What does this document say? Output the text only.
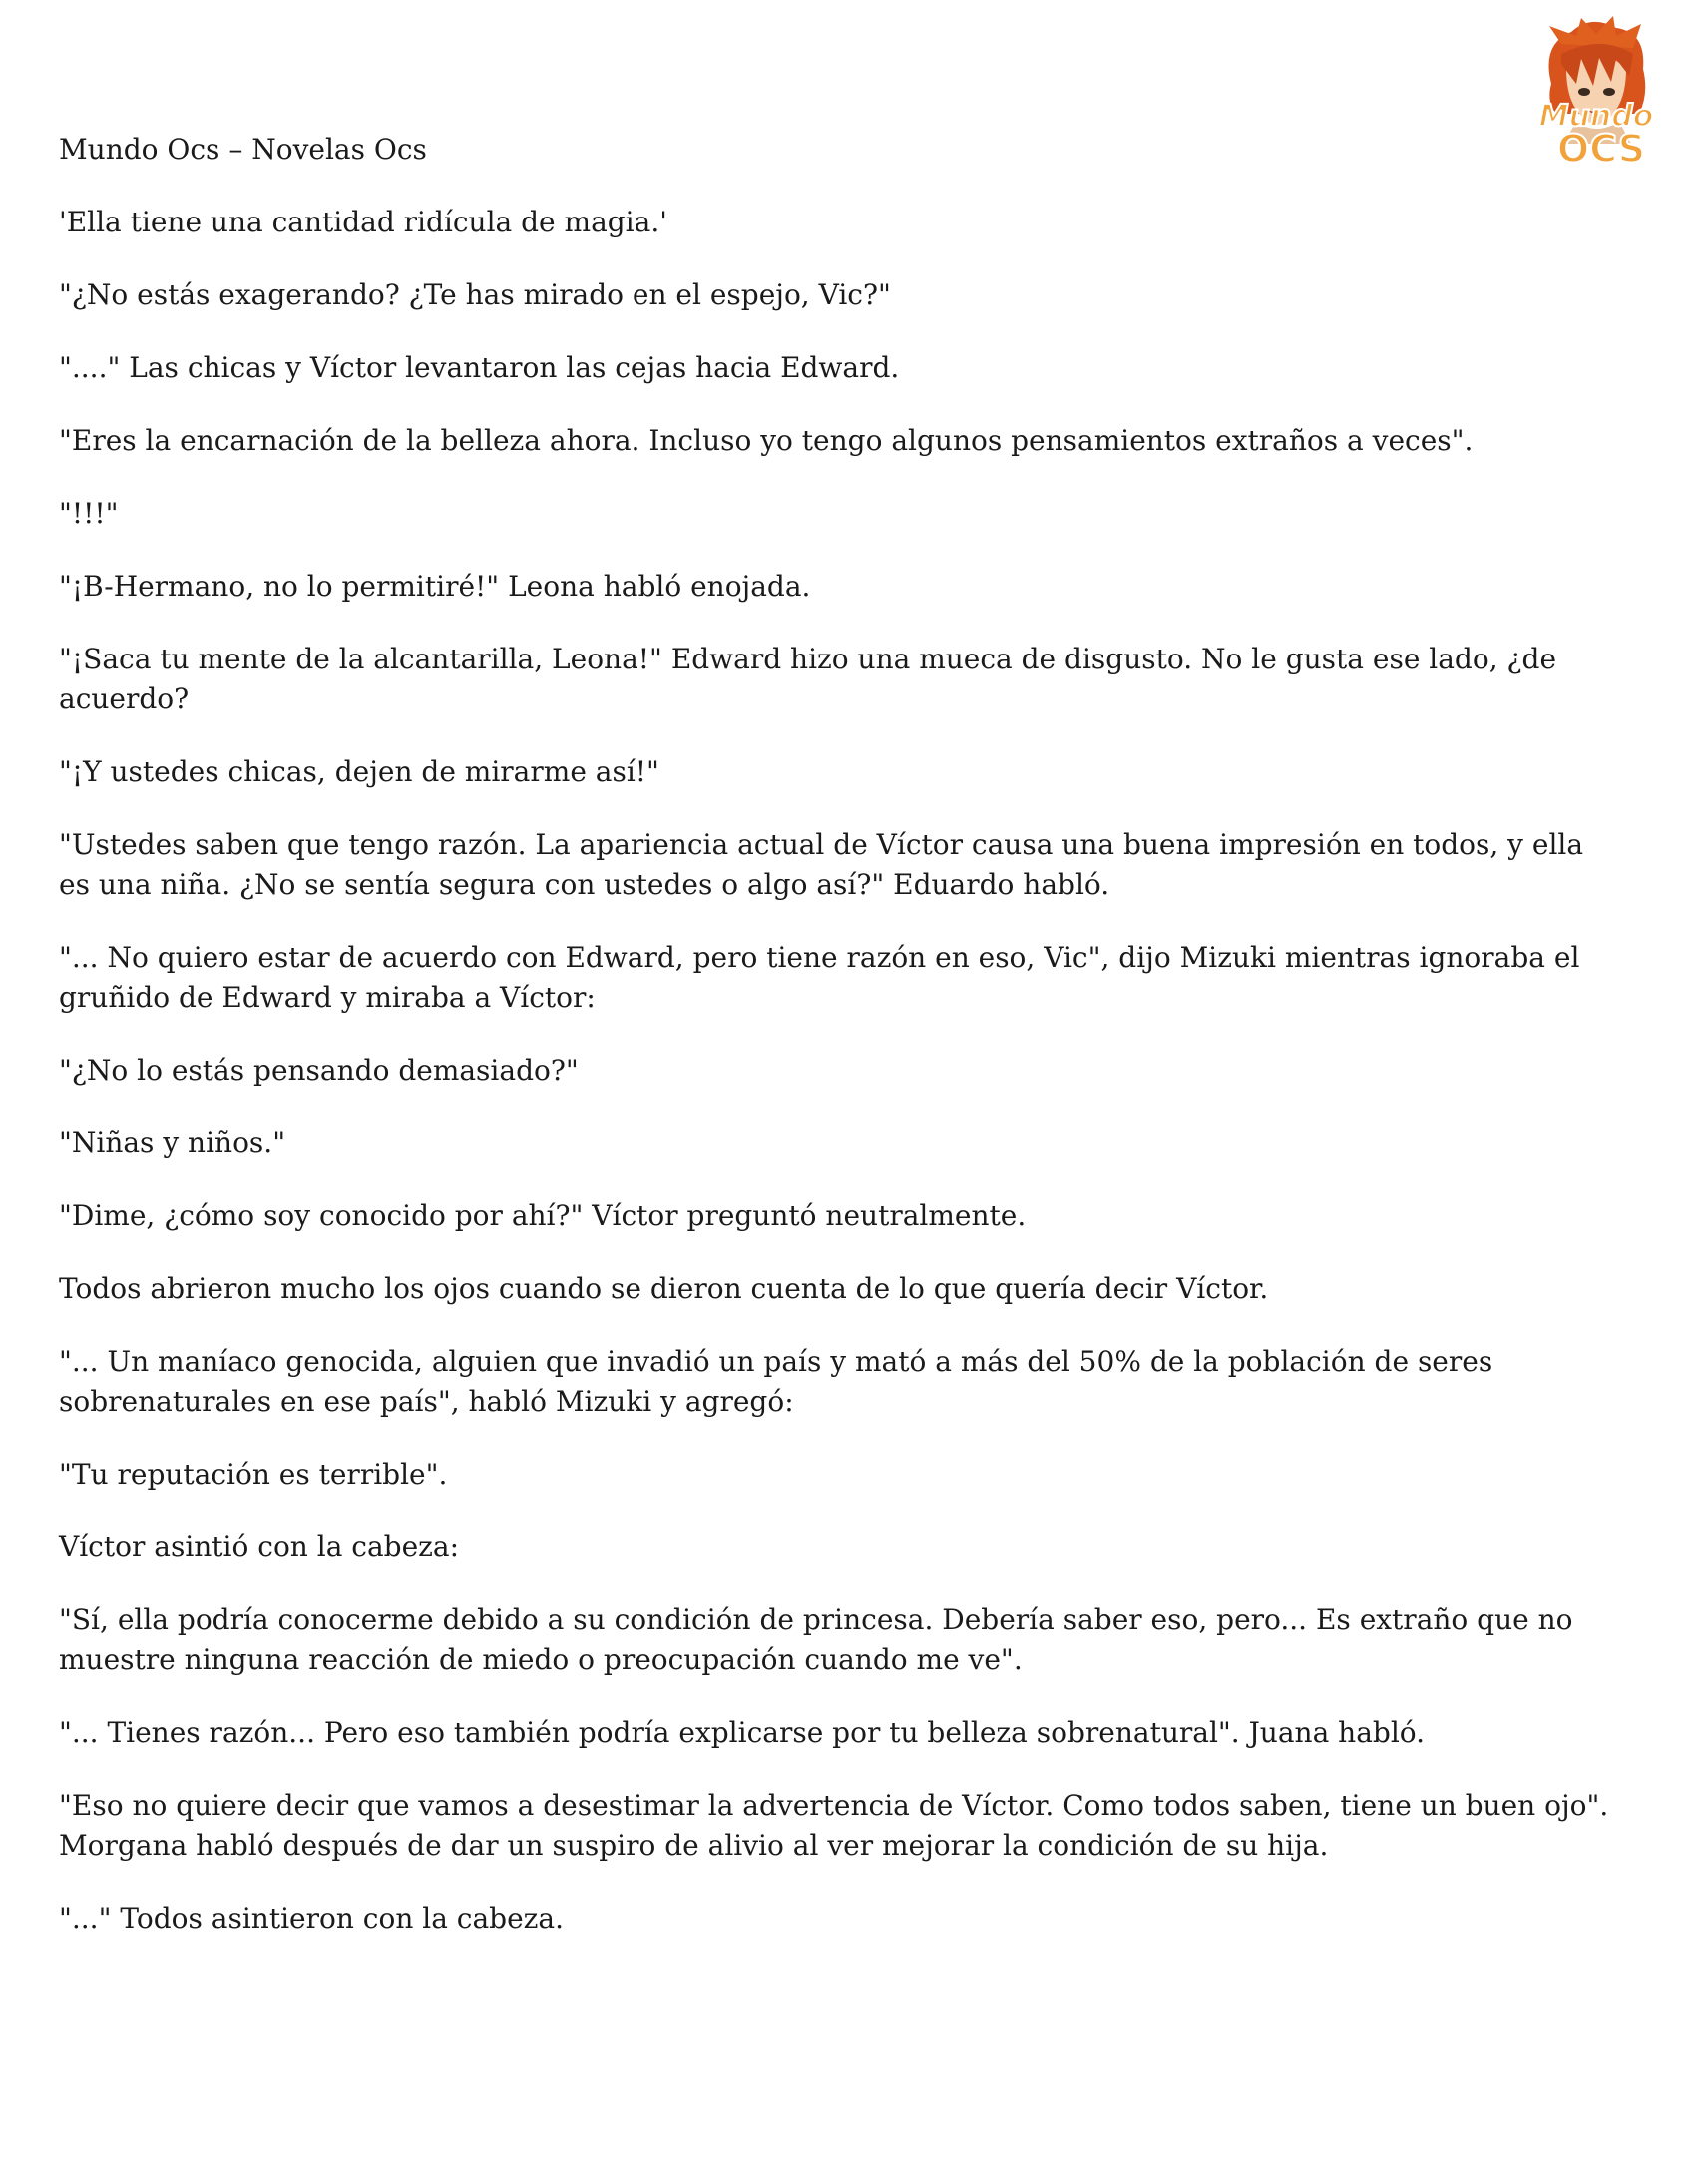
Mundo
OCS

Mundo Ocs – Novelas Ocs

'Ella tiene una cantidad ridícula de magia.'

"¿No estás exagerando? ¿Te has mirado en el espejo, Vic?"

"...." Las chicas y Víctor levantaron las cejas hacia Edward.

"Eres la encarnación de la belleza ahora. Incluso yo tengo algunos pensamientos extraños a veces".

"!!!"

"¡B-Hermano, no lo permitiré!" Leona habló enojada.

"¡Saca tu mente de la alcantarilla, Leona!" Edward hizo una mueca de disgusto. No le gusta ese lado, ¿de acuerdo?

"¡Y ustedes chicas, dejen de mirarme así!"

"Ustedes saben que tengo razón. La apariencia actual de Víctor causa una buena impresión en todos, y ella es una niña. ¿No se sentía segura con ustedes o algo así?" Eduardo habló.

"... No quiero estar de acuerdo con Edward, pero tiene razón en eso, Vic", dijo Mizuki mientras ignoraba el gruñido de Edward y miraba a Víctor:

"¿No lo estás pensando demasiado?"

"Niñas y niños."

"Dime, ¿cómo soy conocido por ahí?" Víctor preguntó neutralmente.

Todos abrieron mucho los ojos cuando se dieron cuenta de lo que quería decir Víctor.

"... Un maníaco genocida, alguien que invadió un país y mató a más del 50% de la población de seres sobrenaturales en ese país", habló Mizuki y agregó:

"Tu reputación es terrible".

Víctor asintió con la cabeza:

"Sí, ella podría conocerme debido a su condición de princesa. Debería saber eso, pero... Es extraño que no muestre ninguna reacción de miedo o preocupación cuando me ve".

"... Tienes razón... Pero eso también podría explicarse por tu belleza sobrenatural". Juana habló.

"Eso no quiere decir que vamos a desestimar la advertencia de Víctor. Como todos saben, tiene un buen ojo". Morgana habló después de dar un suspiro de alivio al ver mejorar la condición de su hija.

"..." Todos asintieron con la cabeza.
